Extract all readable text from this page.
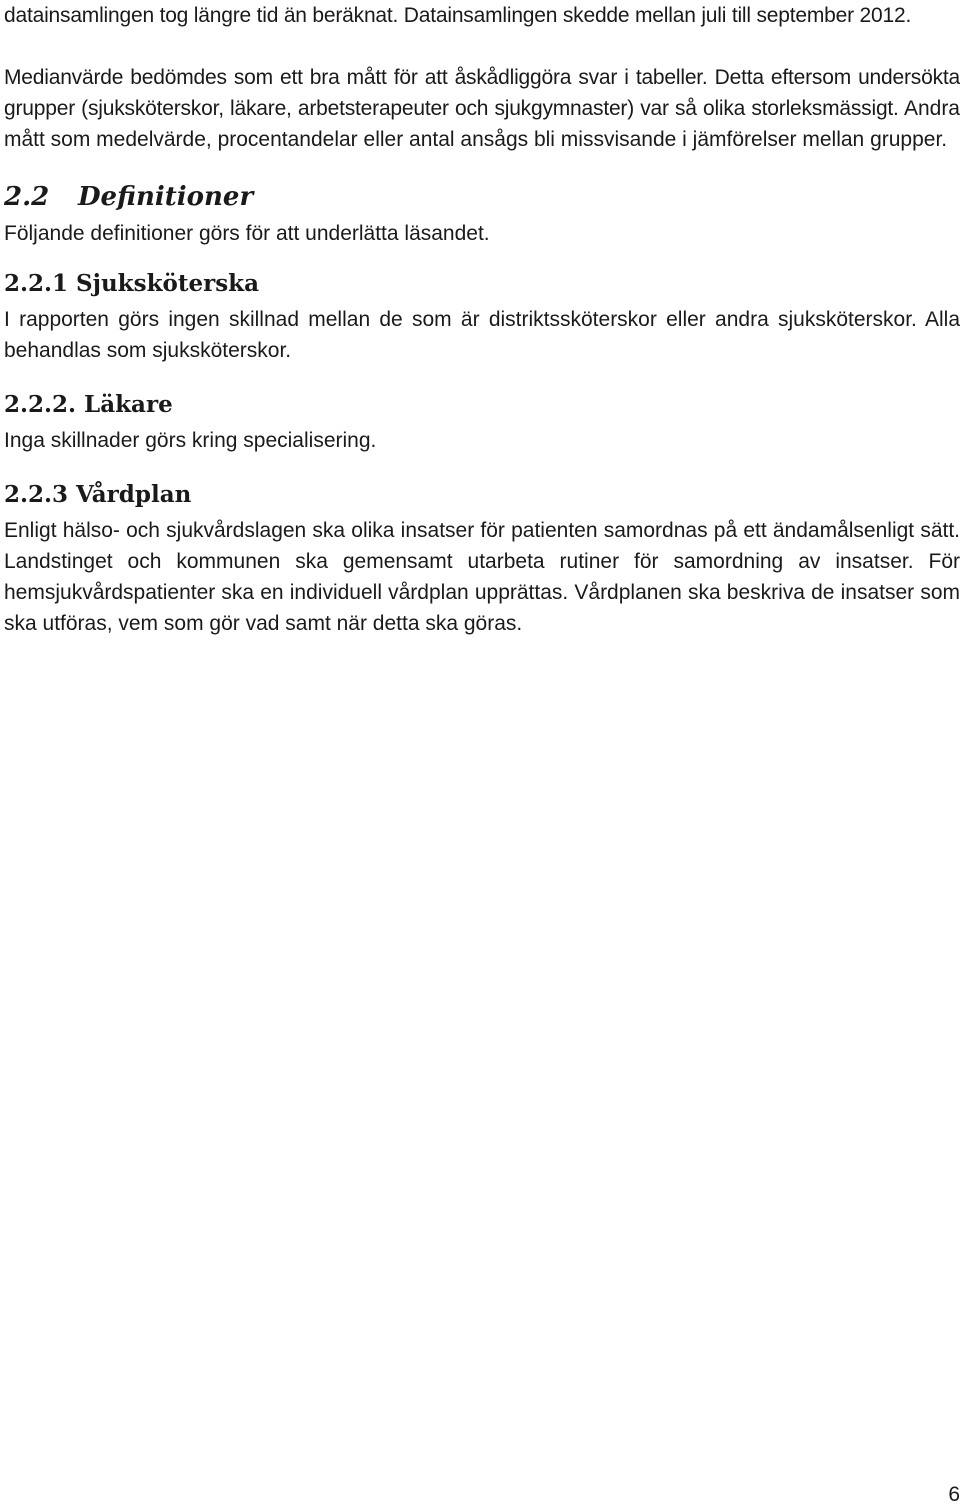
datainsamlingen tog längre tid än beräknat. Datainsamlingen skedde mellan juli till september 2012.

Medianvärde bedömdes som ett bra mått för att åskådliggöra svar i tabeller. Detta eftersom undersökta grupper (sjuksköterskor, läkare, arbetsterapeuter och sjukgymnaster) var så olika storleksmässigt. Andra mått som medelvärde, procentandelar eller antal ansågs bli missvisande i jämförelser mellan grupper.

2.2 Definitioner

Följande definitioner görs för att underlätta läsandet.

2.2.1 Sjuksköterska

I rapporten görs ingen skillnad mellan de som är distriktssköterskor eller andra sjuksköterskor. Alla behandlas som sjuksköterskor.

2.2.2. Läkare

Inga skillnader görs kring specialisering.

2.2.3 Vårdplan

Enligt hälso- och sjukvårdslagen ska olika insatser för patienten samordnas på ett ändamålsenligt sätt. Landstinget och kommunen ska gemensamt utarbeta rutiner för samordning av insatser. För hemsjukvårdspatienter ska en individuell vårdplan upprättas. Vårdplanen ska beskriva de insatser som ska utföras, vem som gör vad samt när detta ska göras.

6
